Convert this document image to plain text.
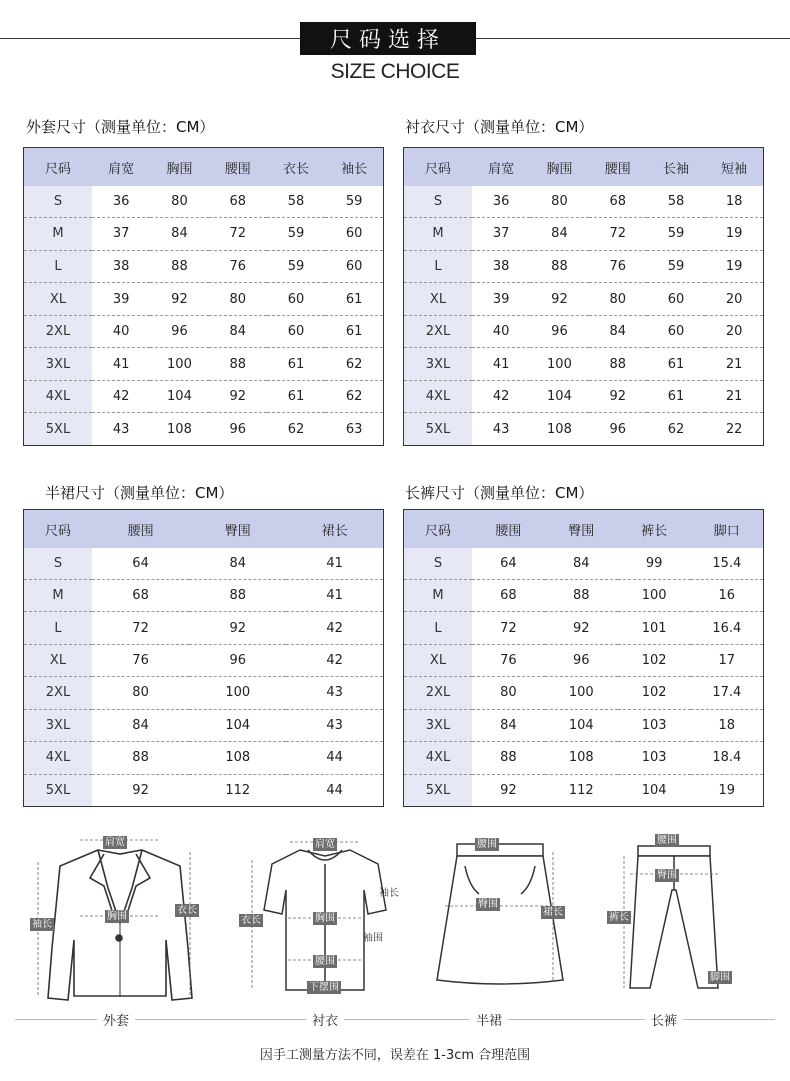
尺码选择
SIZE CHOICE
外套尺寸（测量单位：CM）	衬衣尺寸（测量单位：CM）
半裙尺寸（测量单位：CM）	长裤尺寸（测量单位：CM）
尺码	肩宽	胸围	腰围	衣长	袖长
S	36	80	68	58	59
M	37	84	72	59	60
L	38	88	76	59	60
XL	39	92	80	60	61
2XL	40	96	84	60	61
3XL	41	100	88	61	62
4XL	42	104	92	61	62
5XL	43	108	96	62	63
尺码	肩宽	胸围	腰围	长袖	短袖
S	36	80	68	58	18
M	37	84	72	59	19
L	38	88	76	59	19
XL	39	92	80	60	20
2XL	40	96	84	60	20
3XL	41	100	88	61	21
4XL	42	104	92	61	21
5XL	43	108	96	62	22
尺码	腰围	臀围	裙长
S	64	84	41
M	68	88	41
L	72	92	42
XL	76	96	42
2XL	80	100	43
3XL	84	104	43
4XL	88	108	44
5XL	92	112	44
尺码	腰围	臀围	裤长	脚口
S	64	84	99	15.4
M	68	88	100	16
L	72	92	101	16.4
XL	76	96	102	17
2XL	80	100	102	17.4
3XL	84	104	103	18
4XL	88	108	103	18.4
5XL	92	112	104	19
肩宽
袖长
胸围
衣长
肩宽
袖长
衣长	胸围
袖围
腰围
下摆围
腰围
臀围
裙长
腰围
臀围
裤长
脚围
外套	衬衣	半裙	长裤
因手工测量方法不同，误差在 1-3cm 合理范围
